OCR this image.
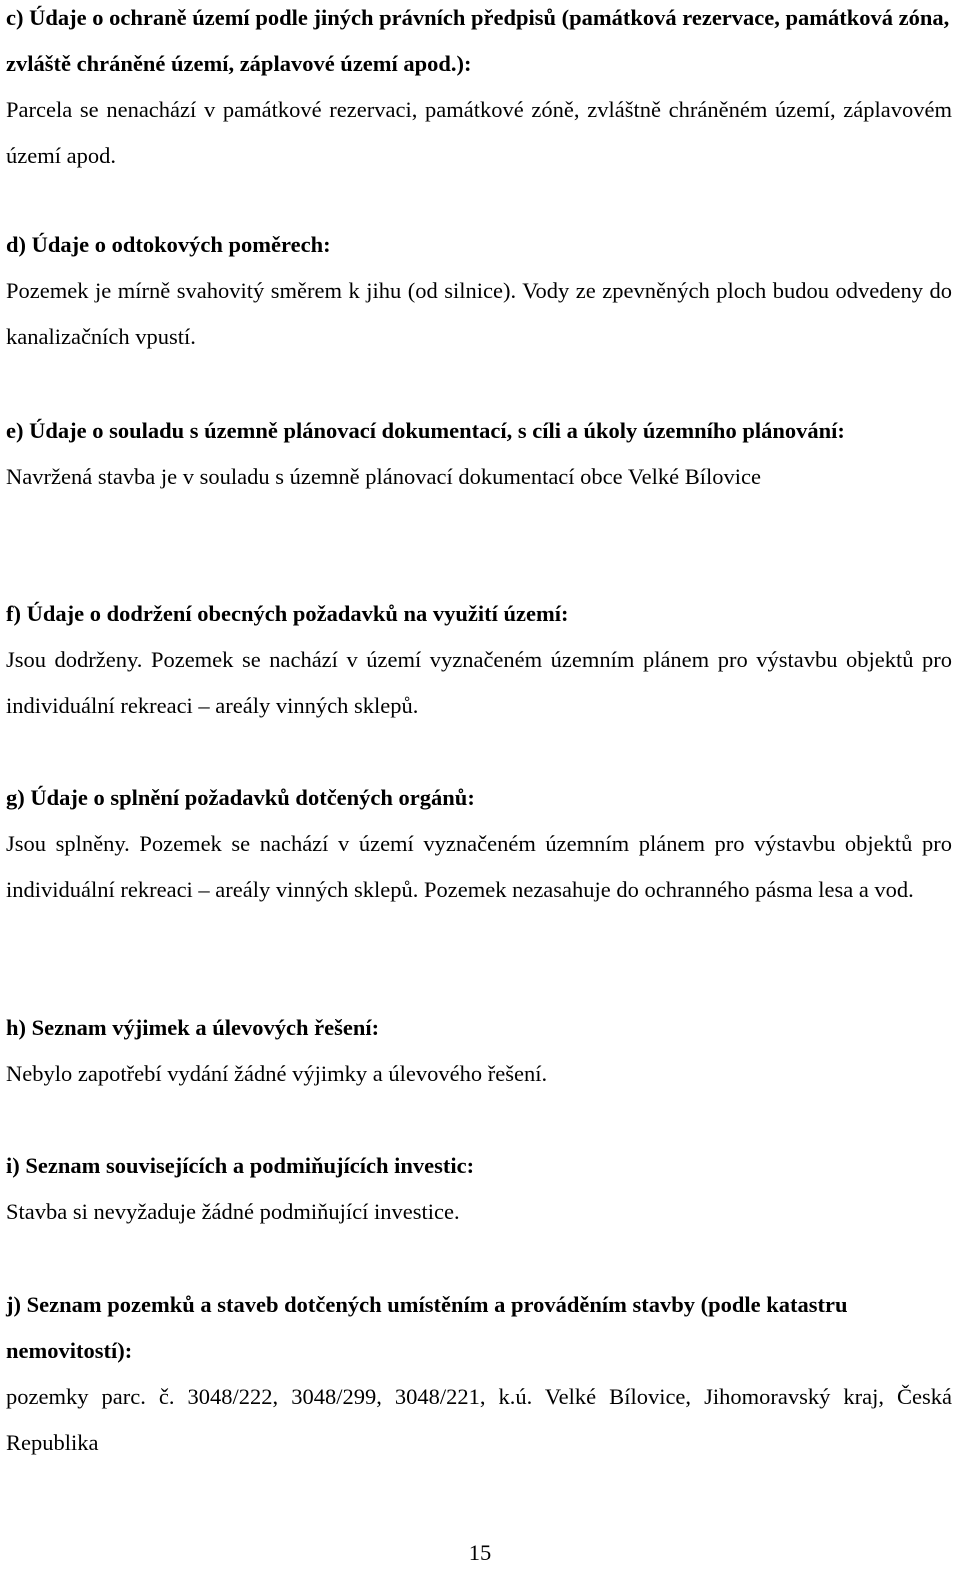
c) Údaje o ochraně území podle jiných právních předpisů (památková rezervace, památková zóna, zvláště chráněné území, záplavové území apod.):

Parcela se nenachází v památkové rezervaci, památkové zóně, zvláštně chráněném území, záplavovém území apod.

d) Údaje o odtokových poměrech:

Pozemek je mírně svahovitý směrem k jihu (od silnice). Vody ze zpevněných ploch budou odvedeny do kanalizačních vpustí.

e) Údaje o souladu s územně plánovací dokumentací, s cíli a úkoly územního plánování:

Navržená stavba je v souladu s územně plánovací dokumentací obce Velké Bílovice

f) Údaje o dodržení obecných požadavků na využití území:

Jsou dodrženy. Pozemek se nachází v území vyznačeném územním plánem pro výstavbu objektů pro individuální rekreaci – areály vinných sklepů.

g) Údaje o splnění požadavků dotčených orgánů:

Jsou splněny. Pozemek se nachází v území vyznačeném územním plánem pro výstavbu objektů pro individuální rekreaci – areály vinných sklepů. Pozemek nezasahuje do ochranného pásma lesa a vod.

h) Seznam výjimek a úlevových řešení:

Nebylo zapotřebí vydání žádné výjimky a úlevového řešení.

i) Seznam souvisejících a podmiňujících investic:

Stavba si nevyžaduje žádné podmiňující investice.

j) Seznam pozemků a staveb dotčených umístěním a prováděním stavby (podle katastru nemovitostí):

pozemky parc. č. 3048/222, 3048/299, 3048/221, k.ú. Velké Bílovice, Jihomoravský kraj, Česká Republika

15
